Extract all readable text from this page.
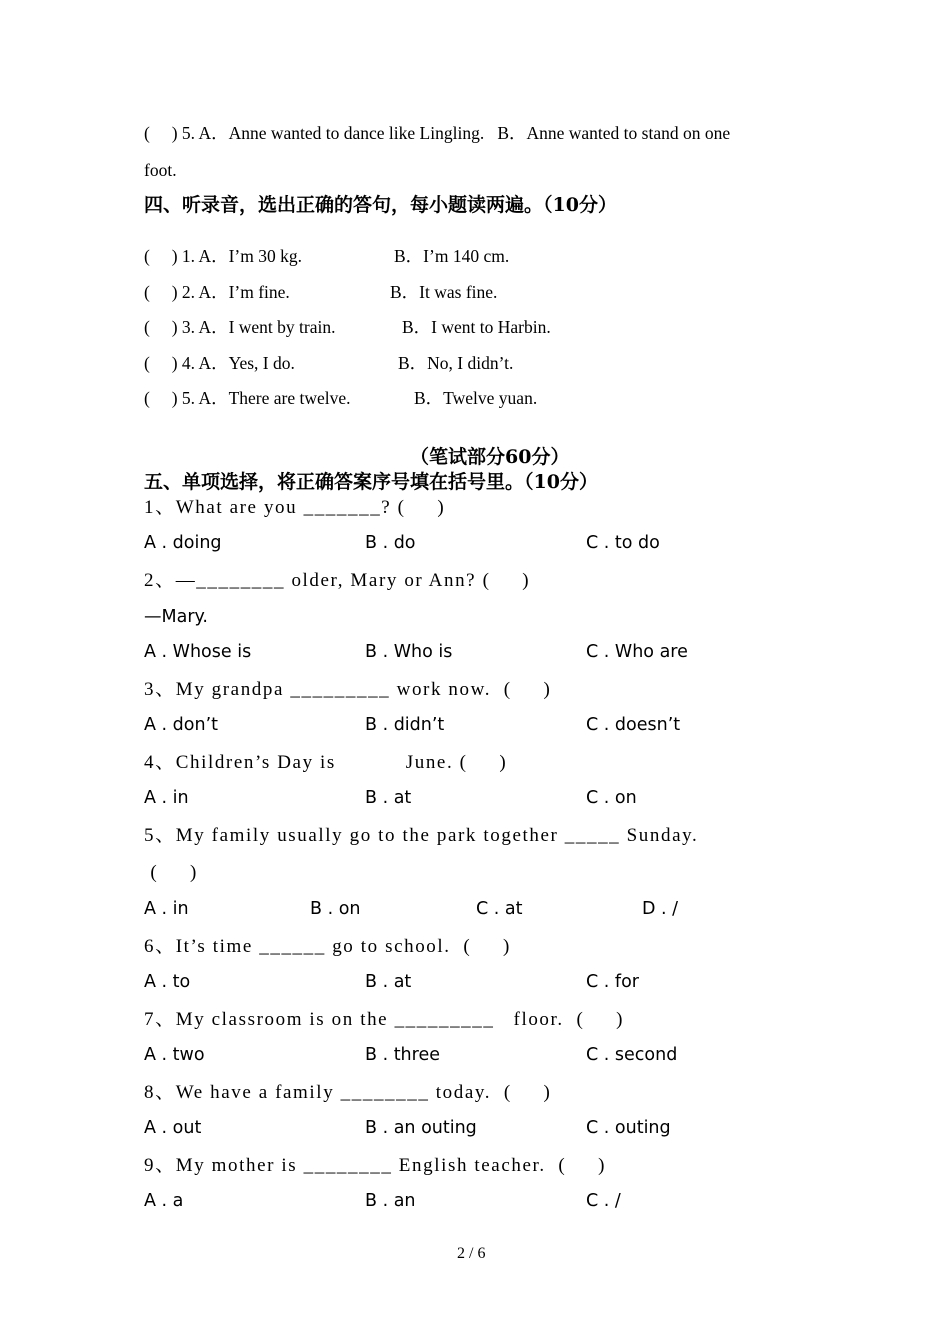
(     ) 5. A．Anne wanted to dance like Lingling.   B．Anne wanted to stand on one
foot.
四、听录音，选出正确的答句，每小题读两遍。（10分）
(     ) 1. A．I’m 30 kg.	B．I’m 140 cm.
(     ) 2. A．I’m fine.	B．It was fine.
(     ) 3. A．I went by train.	B．I went to Harbin.
(     ) 4. A．Yes, I do.	B．No, I didn’t.
(     ) 5. A．There are twelve.	B．Twelve yuan.
（笔试部分60分）
五、单项选择，将正确答案序号填在括号里。（10分）
1、What are you _______? (     )
A . doing	B . do	C . to do
2、—________ older, Mary or Ann? (     )
—Mary.
A . Whose is	B . Who is	C . Who are
3、My grandpa _________ work now.  (     )
A . don’t	B . didn’t	C . doesn’t
4、Children’s Day is           June. (     )
A . in	B . at	C . on
5、My family usually go to the park together _____ Sunday.
(     )
A . in	B . on	C . at	D . /
6、It’s time ______ go to school.  (     )
A . to	B . at	C . for
7、My classroom is on the _________   floor.  (     )
A . two	B . three	C . second
8、We have a family ________ today.  (     )
A . out	B . an outing	C . outing
9、My mother is ________ English teacher.  (     )
A . a	B . an	C . /
2 / 6
